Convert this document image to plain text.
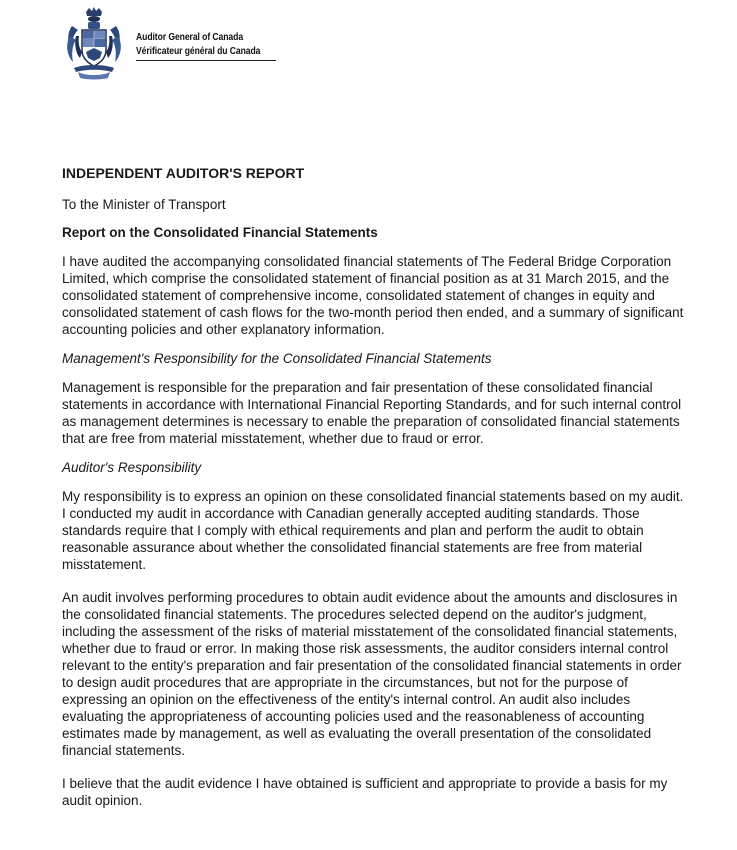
Auditor General of Canada
Vérificateur général du Canada
INDEPENDENT AUDITOR'S REPORT
To the Minister of Transport
Report on the Consolidated Financial Statements

I have audited the accompanying consolidated financial statements of The Federal Bridge Corporation
Limited, which comprise the consolidated statement of financial position as at 31 March 2015, and the
consolidated statement of comprehensive income, consolidated statement of changes in equity and
consolidated statement of cash flows for the two-month period then ended, and a summary of significant
accounting policies and other explanatory information.

Management's Responsibility for the Consolidated Financial Statements

Management is responsible for the preparation and fair presentation of these consolidated financial
statements in accordance with International Financial Reporting Standards, and for such internal control
as management determines is necessary to enable the preparation of consolidated financial statements
that are free from material misstatement, whether due to fraud or error.

Auditor's Responsibility

My responsibility is to express an opinion on these consolidated financial statements based on my audit.
I conducted my audit in accordance with Canadian generally accepted auditing standards. Those
standards require that I comply with ethical requirements and plan and perform the audit to obtain
reasonable assurance about whether the consolidated financial statements are free from material
misstatement.

An audit involves performing procedures to obtain audit evidence about the amounts and disclosures in
the consolidated financial statements. The procedures selected depend on the auditor's judgment,
including the assessment of the risks of material misstatement of the consolidated financial statements,
whether due to fraud or error. In making those risk assessments, the auditor considers internal control
relevant to the entity's preparation and fair presentation of the consolidated financial statements in order
to design audit procedures that are appropriate in the circumstances, but not for the purpose of
expressing an opinion on the effectiveness of the entity's internal control. An audit also includes
evaluating the appropriateness of accounting policies used and the reasonableness of accounting
estimates made by management, as well as evaluating the overall presentation of the consolidated
financial statements.

I believe that the audit evidence I have obtained is sufficient and appropriate to provide a basis for my
audit opinion.
